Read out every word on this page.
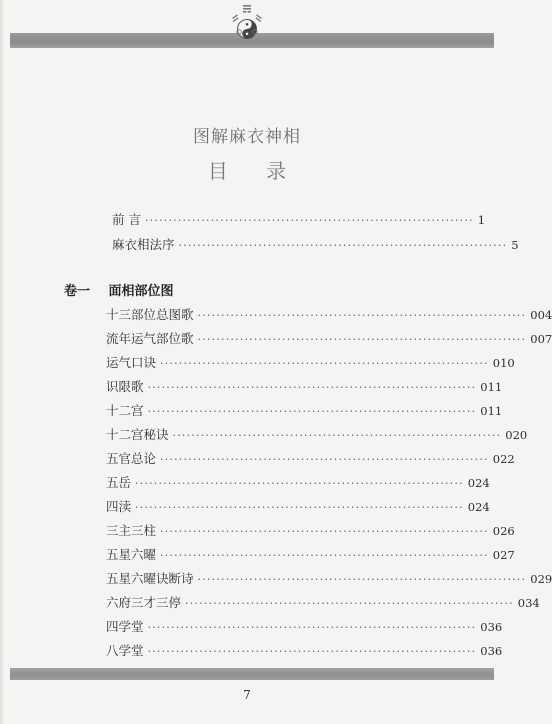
图解麻衣神相
目 录
前 言 ······································································ 1
麻衣相法序 ······································································ 5
卷一 面相部位图
十三部位总图歌 ······································································ 004
流年运气部位歌 ······································································ 007
运气口诀 ······································································ 010
识限歌 ······································································ 011
十二宫 ······································································ 011
十二宫秘诀 ······································································ 020
五官总论 ······································································ 022
五岳 ······································································ 024
四渎 ······································································ 024
三主三柱 ······································································ 026
五星六曜 ······································································ 027
五星六曜诀断诗 ······································································ 029
六府三才三停 ······································································ 034
四学堂 ······································································ 036
八学堂 ······································································ 036
7
